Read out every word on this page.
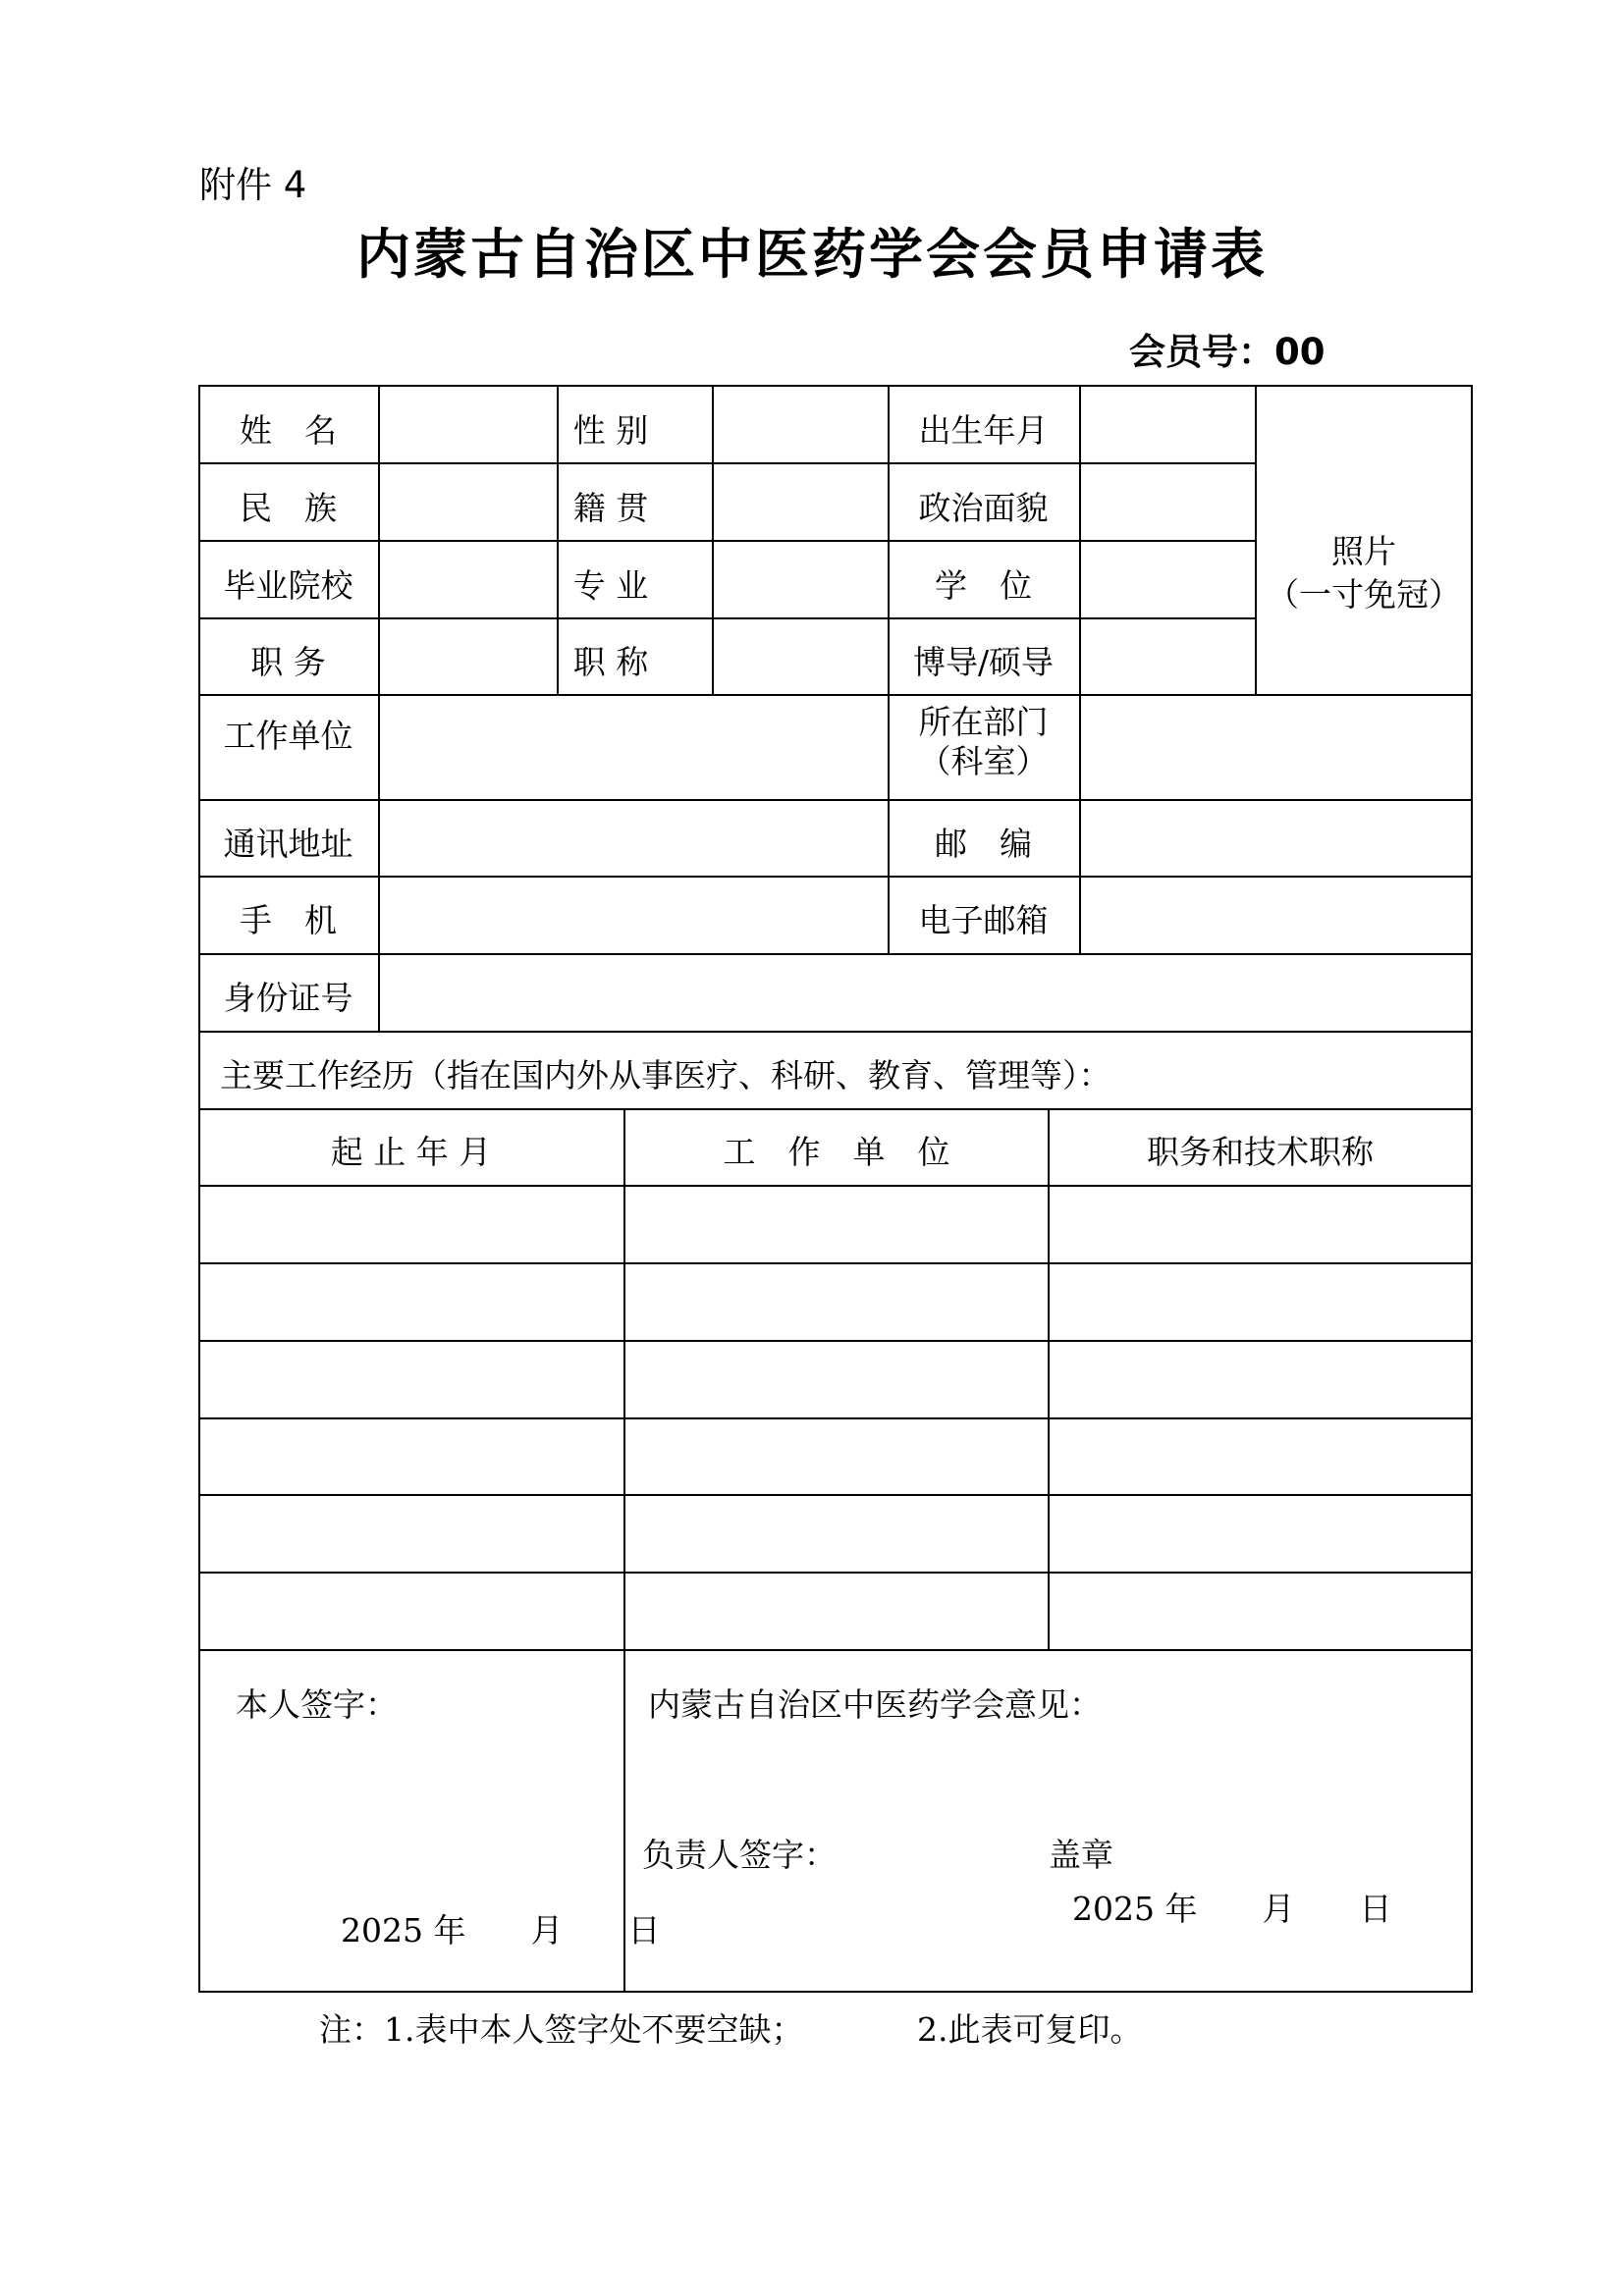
附件 4
内蒙古自治区中医药学会会员申请表
会员号：00
姓　名	性 别	出生年月
民　族	籍 贯	政治面貌
毕业院校	专 业	学　位
职 务	职 称	博导/硕导
照片
（一寸免冠）
工作单位	所在部门
（科室）
通讯地址	邮　编
手　机	电子邮箱
身份证号
主要工作经历（指在国内外从事医疗、科研、教育、管理等）：
起 止 年 月	工　作　单　位	职务和技术职称
本人签字：
2025 年　　月　　日
内蒙古自治区中医药学会意见：
负责人签字：	盖章
2025 年　　月　　日
注：1.表中本人签字处不要空缺；　　　　2.此表可复印。
